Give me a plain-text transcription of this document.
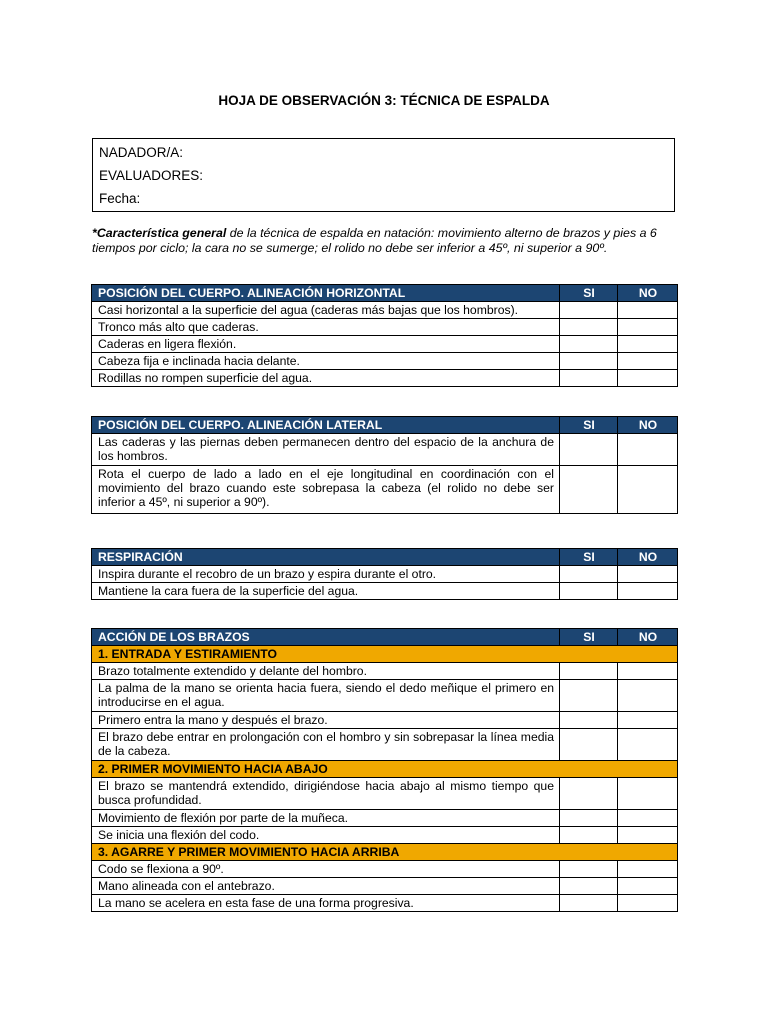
HOJA DE OBSERVACIÓN 3: TÉCNICA DE ESPALDA
NADADOR/A:
EVALUADORES:
Fecha:
*Característica general de la técnica de espalda en natación: movimiento alterno de brazos y pies a 6 tiempos por ciclo; la cara no se sumerge; el rolido no debe ser inferior a 45º, ni superior a 90º.
POSICIÓN DEL CUERPO. ALINEACIÓN HORIZONTAL	SI	NO
Casi horizontal a la superficie del agua (caderas más bajas que los hombros).		
Tronco más alto que caderas.		
Caderas en ligera flexión.		
Cabeza fija e inclinada hacia delante.		
Rodillas no rompen superficie del agua.		
POSICIÓN DEL CUERPO. ALINEACIÓN LATERAL	SI	NO
Las caderas y las piernas deben permanecen dentro del espacio de la anchura de los hombros.		
Rota el cuerpo de lado a lado en el eje longitudinal en coordinación con el movimiento del brazo cuando este sobrepasa la cabeza (el rolido no debe ser inferior a 45º, ni superior a 90º).		
RESPIRACIÓN	SI	NO
Inspira durante el recobro de un brazo y espira durante el otro.		
Mantiene la cara fuera de la superficie del agua.		
ACCIÓN DE LOS BRAZOS	SI	NO
1. ENTRADA Y ESTIRAMIENTO		
Brazo totalmente extendido y delante del hombro.		
La palma de la mano se orienta hacia fuera, siendo el dedo meñique el primero en introducirse en el agua.		
Primero entra la mano y después el brazo.		
El brazo debe entrar en prolongación con el hombro y sin sobrepasar la línea media de la cabeza.		
2. PRIMER MOVIMIENTO HACIA ABAJO		
El brazo se mantendrá extendido, dirigiéndose hacia abajo al mismo tiempo que busca profundidad.		
Movimiento de flexión por parte de la muñeca.		
Se inicia una flexión del codo.		
3. AGARRE Y PRIMER MOVIMIENTO HACIA ARRIBA		
Codo se flexiona a 90º.		
Mano alineada con el antebrazo.		
La mano se acelera en esta fase de una forma progresiva.		
